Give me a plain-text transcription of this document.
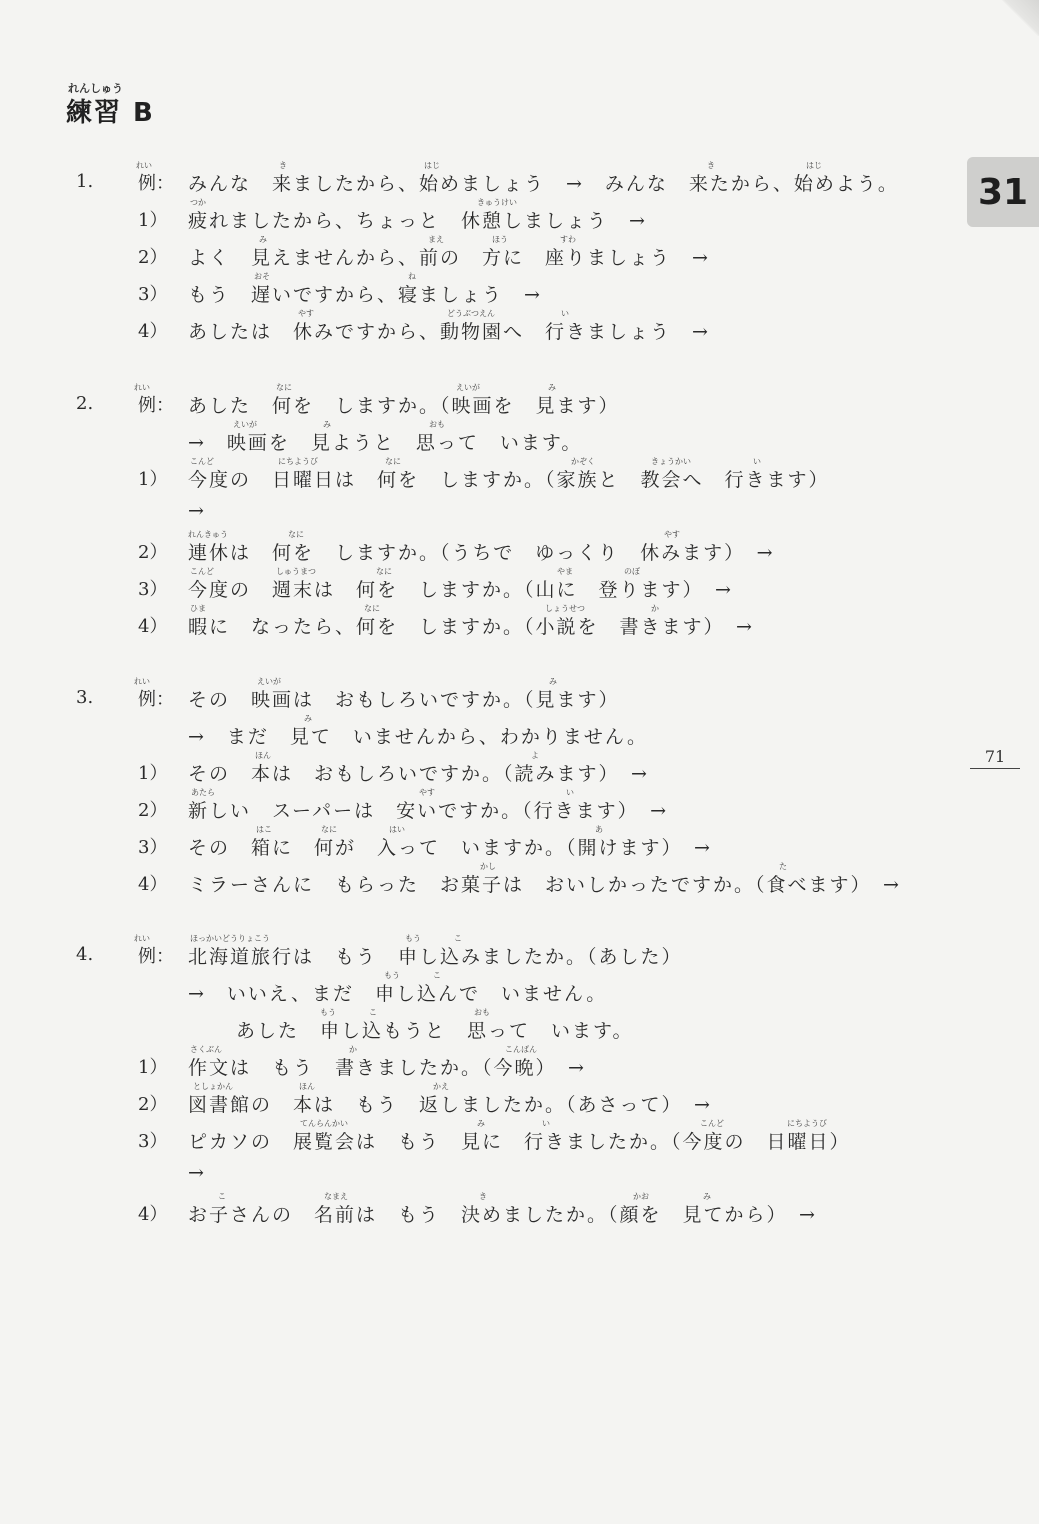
れんしゅう
練習 B
31
71
1. 例： みんな　来ましたから、始めましょう　→　みんな　来たから、始めよう。
1） 疲れましたから、ちょっと　休憩しましょう　→
2） よく　見えませんから、前の　方に　座りましょう　→
3） もう　遅いですから、寝ましょう　→
4） あしたは　休みですから、動物園へ　行きましょう　→
2. 例： あした　何を　しますか。（映画を　見ます）
→　映画を　見ようと　思って　います。
1） 今度の　日曜日は　何を　しますか。（家族と　教会へ　行きます）
→
2） 連休は　何を　しますか。（うちで　ゆっくり　休みます）　→
3） 今度の　週末は　何を　しますか。（山に　登ります）　→
4） 暇に　なったら、何を　しますか。（小説を　書きます）　→
3. 例： その　映画は　おもしろいですか。（見ます）
→　まだ　見て　いませんから、わかりません。
1） その　本は　おもしろいですか。（読みます）　→
2） 新しい　スーパーは　安いですか。（行きます）　→
3） その　箱に　何が　入って　いますか。（開けます）　→
4） ミラーさんに　もらった　お菓子は　おいしかったですか。（食べます）　→
4. 例： 北海道旅行は　もう　申し込みましたか。（あした）
→　いいえ、まだ　申し込んで　いません。
あした　申し込もうと　思って　います。
1） 作文は　もう　書きましたか。（今晩）　→
2） 図書館の　本は　もう　返しましたか。（あさって）　→
3） ピカソの　展覧会は　もう　見に　行きましたか。（今度の　日曜日）
→
4） お子さんの　名前は　もう　決めましたか。（顔を　見てから）　→
れい	き	はじ	き	はじ
つか	きゅうけい
み	まえ	ほう	すわ
おそ	ね
やす	どうぶつえん	い
れい	なに	えいが	み
えいが	み	おも
こんど	にちようび	なに	かぞく	きょうかい	い
れんきゅう	なに	やす
こんど	しゅうまつ	なに	やま	のぼ
ひま	なに	しょうせつ	か
れい	えいが	み
み
ほん	よ
あたら	やす	い
はこ	なに	はい	あ
かし	た
れい	ほっかいどうりょこう	もう	こ
もう	こ
もう	こ	おも
さくぶん	か	こんばん
としょかん	ほん	かえ
てんらんかい	み	い	こんど	にちようび
こ	なまえ	き	かお	み
